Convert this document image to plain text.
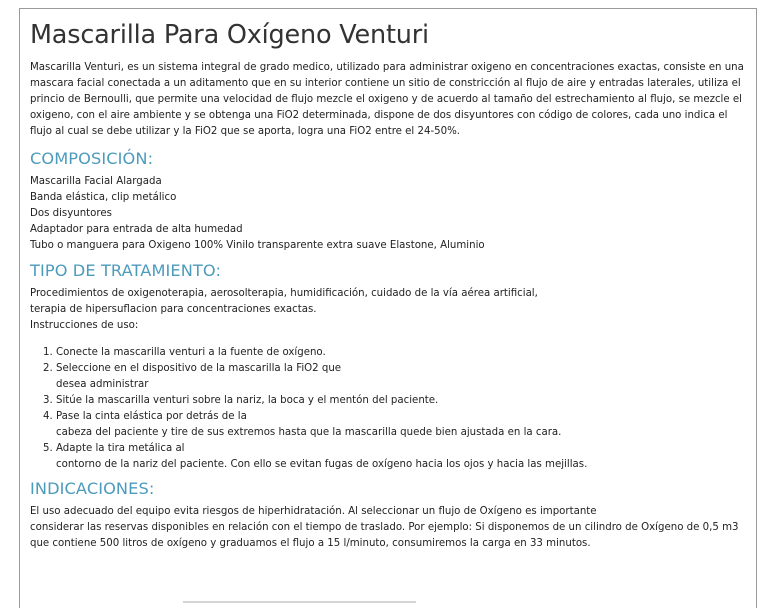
Mascarilla Para Oxígeno Venturi

Mascarilla Venturi, es un sistema integral de grado medico, utilizado para administrar oxigeno en concentraciones exactas, consiste en una mascara facial conectada a un aditamento que en su interior contiene un sitio de constricción al flujo de aire y entradas laterales, utiliza el princio de Bernoulli, que permite una velocidad de flujo mezcle el oxigeno y de acuerdo al tamaño del estrechamiento al flujo, se mezcle el oxigeno, con el aire ambiente y se obtenga una FiO2 determinada, dispone de dos disyuntores con código de colores, cada uno indica el flujo al cual se debe utilizar y la FiO2 que se aporta, logra una FiO2 entre el 24-50%.

COMPOSICIÓN:
Mascarilla Facial Alargada
Banda elástica, clip metálico
Dos disyuntores
Adaptador para entrada de alta humedad
Tubo o manguera para Oxigeno 100% Vinilo transparente extra suave Elastone, Aluminio
TIPO DE TRATAMIENTO:
Procedimientos de oxigenoterapia, aerosolterapia, humidificación, cuidado de la vía aérea artificial,
terapia de hipersuflacion para concentraciones exactas.
Instrucciones de uso:
1. Conecte la mascarilla venturi a la fuente de oxígeno.
2. Seleccione en el dispositivo de la mascarilla la FiO2 que
desea administrar
3. Sitúe la mascarilla venturi sobre la nariz, la boca y el mentón del paciente.
4. Pase la cinta elástica por detrás de la
cabeza del paciente y tire de sus extremos hasta que la mascarilla quede bien ajustada en la cara.
5. Adapte la tira metálica al
contorno de la nariz del paciente. Con ello se evitan fugas de oxígeno hacia los ojos y hacia las mejillas.
INDICACIONES:
El uso adecuado del equipo evita riesgos de hiperhidratación. Al seleccionar un flujo de Oxígeno es importante
considerar las reservas disponibles en relación con el tiempo de traslado. Por ejemplo: Si disponemos de un cilindro de Oxígeno de 0,5 m3 que contiene 500 litros de oxígeno y graduamos el flujo a 15 l/minuto, consumiremos la carga en 33 minutos.
